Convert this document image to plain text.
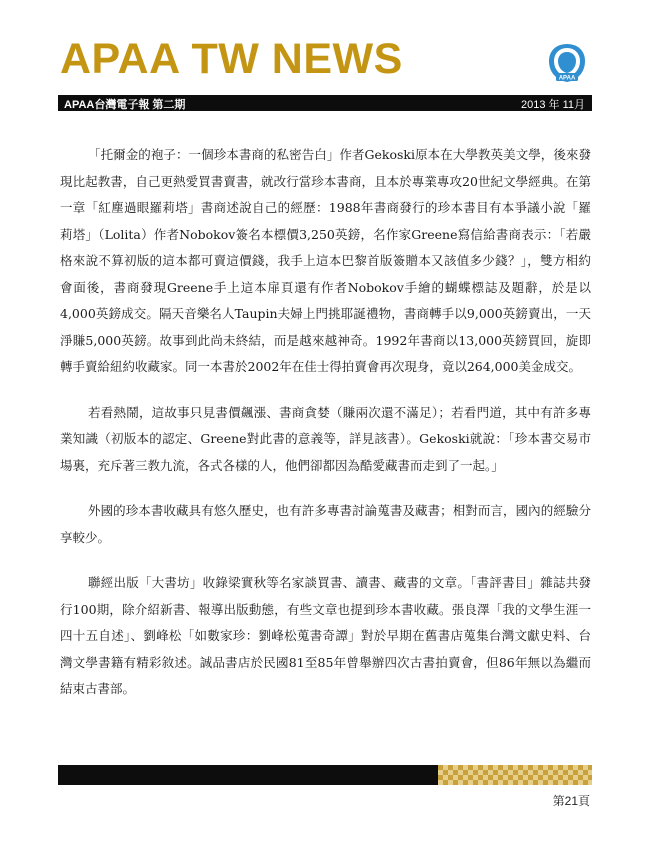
APAA TW NEWS	APAA
APAA台灣電子報 第二期	2013 年 11月

「托爾金的袍子：一個珍本書商的私密告白」作者Gekoski原本在大學教英美文學，後來發現比起教書，自己更熱愛買書賣書，就改行當珍本書商，且本於專業專攻20世紀文學經典。在第一章「紅塵過眼羅莉塔」書商述說自己的經歷：1988年書商發行的珍本書目有本爭議小說「羅莉塔」（Lolita）作者Nobokov簽名本標價3,250英鎊，名作家Greene寫信給書商表示：「若嚴格來說不算初版的這本都可賣這價錢，我手上這本巴黎首版簽贈本又該值多少錢？」，雙方相約會面後，書商發現Greene手上這本扉頁還有作者Nobokov手繪的蝴蝶標誌及題辭，於是以4,000英鎊成交。隔天音樂名人Taupin夫婦上門挑耶誕禮物，書商轉手以9,000英鎊賣出，一天淨賺5,000英鎊。故事到此尚未終結，而是越來越神奇。1992年書商以13,000英鎊買回，旋即轉手賣給紐約收藏家。同一本書於2002年在佳士得拍賣會再次現身，竟以264,000美金成交。

若看熱鬧，這故事只見書價飆漲、書商貪婪（賺兩次還不滿足）；若看門道，其中有許多專業知識（初版本的認定、Greene對此書的意義等，詳見該書）。Gekoski就說：「珍本書交易市場裏，充斥著三教九流，各式各樣的人，他們卻都因為酷愛藏書而走到了一起。」

外國的珍本書收藏具有悠久歷史，也有許多專書討論蒐書及藏書；相對而言，國內的經驗分享較少。

聯經出版「大書坊」收錄梁實秋等名家談買書、讀書、藏書的文章。「書評書目」雜誌共發行100期，除介紹新書、報導出版動態，有些文章也提到珍本書收藏。張良澤「我的文學生涯一四十五自述」、劉峰松「如數家珍：劉峰松蒐書奇譚」對於早期在舊書店蒐集台灣文獻史料、台灣文學書籍有精彩敘述。誠品書店於民國81至85年曾舉辦四次古書拍賣會，但86年無以為繼而結束古書部。

第21頁
